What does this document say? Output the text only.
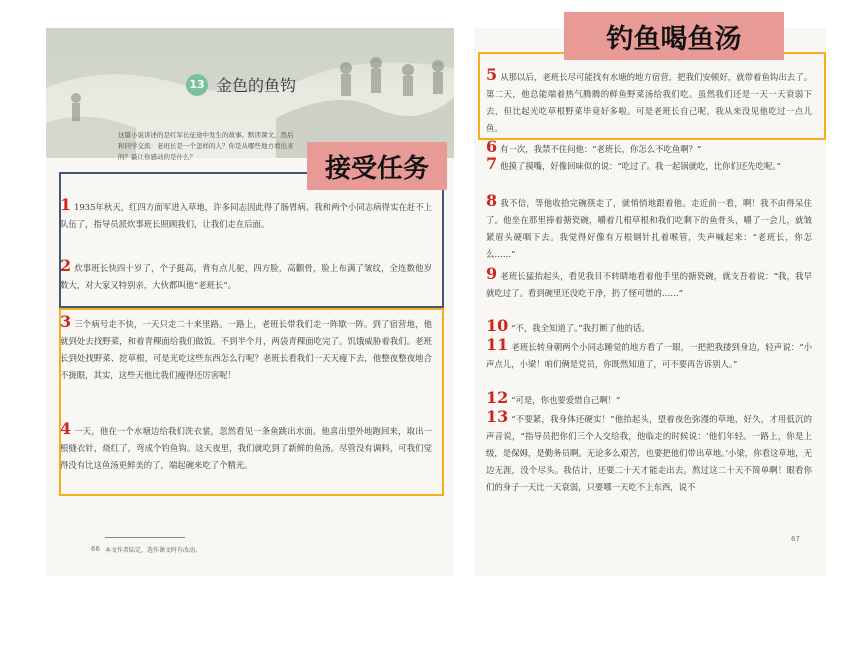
13 金色的鱼钩
这篇小说讲述的是红军长征途中发生的故事。默读课文，然后和同学交流：老班长是一个怎样的人？你是从哪些地方看出来的？最让你感动的是什么？
本文作者陆定，选作课文时有改动。
66
67
1 1935年秋天，红四方面军进入草地，许多同志因此得了肠胃病。我和两个小同志病得实在赶不上队伍了，指导员派炊事班长照顾我们，让我们走在后面。
2 炊事班长快四十岁了，个子挺高，背有点儿驼，四方脸，高颧骨，脸上布满了皱纹，全连数他岁数大，对大家又特别亲，大伙都叫他“老班长”。
3 三个病号走不快，一天只走二十来里路。一路上，老班长带我们走一阵歇一阵。到了宿营地，他就到处去找野菜，和着青稞面给我们做饭。不到半个月，两袋青稞面吃完了。饥饿威胁着我们。老班长到处找野菜、挖草根，可是光吃这些东西怎么行呢？老班长看我们一天天瘦下去，他整夜整夜地合不拢眼，其实，这些天他比我们瘦得还厉害呢！
4 一天，他在一个水塘边给我们洗衣裳，忽然看见一条鱼跳出水面。他喜出望外地跑回来，取出一根缝衣针，烧红了，弯成个钓鱼钩。这天夜里，我们就吃到了新鲜的鱼汤。尽管没有调料，可我们觉得没有比这鱼汤更鲜美的了，端起碗来吃了个精光。
5 从那以后，老班长尽可能找有水塘的地方宿营，把我们安顿好，就带着鱼钩出去了。第二天，他总能端着热气腾腾的鲜鱼野菜汤给我们吃。虽然我们还是一天一天衰弱下去，但比起光吃草根野菜毕竟好多啦。可是老班长自己呢，我从来没见他吃过一点儿鱼。
6 有一次，我禁不住问他：“老班长，你怎么不吃鱼啊？”
7 他摸了摸嘴，好像回味似的说：“吃过了。我一起锅就吃，比你们还先吃呢。”
8 我不信，等他收拾完碗筷走了，就悄悄地跟着他。走近前一看，啊！我不由得呆住了。他坐在那里捧着搪瓷碗，嚼着几根草根和我们吃剩下的鱼骨头，嚼了一会儿，就皱紧眉头硬咽下去。我觉得好像有万根钢针扎着喉管，失声喊起来：“老班长，你怎么……”
9 老班长猛抬起头，看见我目不转睛地看着他手里的搪瓷碗，就支吾着说：“我，我早就吃过了。看到碗里还没吃干净，扔了怪可惜的……”
10 “不，我全知道了。”我打断了他的话。
11 老班长转身朝两个小同志睡觉的地方看了一眼，一把把我搂到身边，轻声说：“小声点儿，小梁！咱们俩是党员，你既然知道了，可不要再告诉别人。”
12 “可是，你也要爱惜自己啊！”
13 “不要紧，我身体还硬实！”他抬起头，望着夜色弥漫的草地，好久，才用低沉的声音说，“指导员把你们三个人交给我，他临走的时候说：‘他们年轻。一路上，你是上级，是保姆，是勤务员啊。无论多么艰苦，也要把他们带出草地。’小梁，你看这草地，无边无涯，没个尽头。我估计，还要二十天才能走出去。熬过这二十天不简单啊！眼看你们的身子一天比一天衰弱，只要哪一天吃不上东西，说不
接受任务
钓鱼喝鱼汤
